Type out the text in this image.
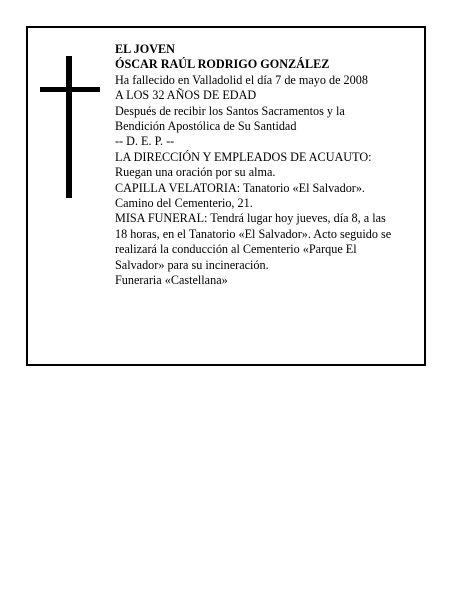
EL JOVEN
ÓSCAR RAÚL RODRIGO GONZÁLEZ
Ha fallecido en Valladolid el día 7 de mayo de 2008
A LOS 32 AÑOS DE EDAD
Después de recibir los Santos Sacramentos y la
Bendición Apostólica de Su Santidad
-- D. E. P. --
LA DIRECCIÓN Y EMPLEADOS DE ACUAUTO:
Ruegan una oración por su alma.
CAPILLA VELATORIA: Tanatorio «El Salvador».
Camino del Cementerio, 21.
MISA FUNERAL: Tendrá lugar hoy jueves, día 8, a las
18 horas, en el Tanatorio «El Salvador». Acto seguido se
realizará la conducción al Cementerio «Parque El
Salvador» para su incineración.
Funeraria «Castellana»
